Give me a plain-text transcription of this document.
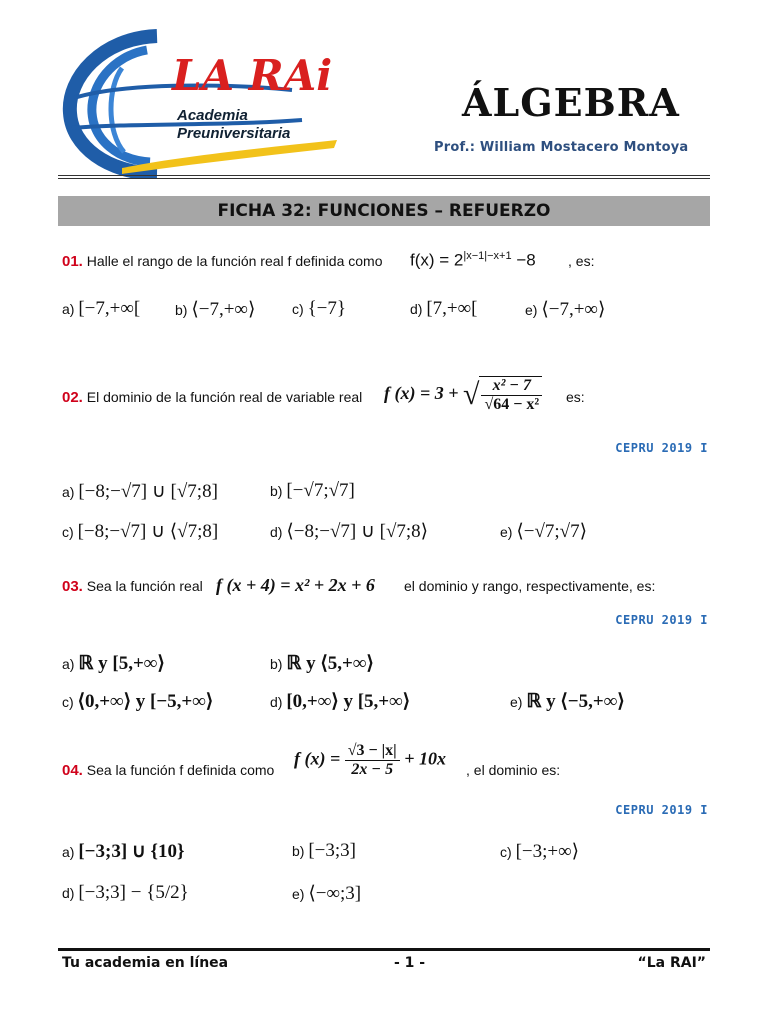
LA RAi
Academia
Preuniversitaria
ÁLGEBRA
Prof.: William Mostacero Montoya
FICHA 32: FUNCIONES – REFUERZO
01. Halle el rango de la función real f definida como $f(x) = 2^{|x-1|-x+1} -8$ , es:
a) [−7,+∞[ b) ⟨−7,+∞⟩	c) {−7}	d) [7,+∞[	e) ⟨−7,+∞⟩
02. El dominio de la función real de variable real f (x) = 3 + √ $\frac{\text{x² − 7}}{\text{√64 − x²}}$ es:
CEPRU 2019 I
a) [−8;−√7] ∪ [√7;8]	b) [−√7;√7]
c) [−8;−√7] ∪ ⟨√7;8]	d) ⟨−8;−√7] ∪ [√7;8⟩	e) ⟨−√7;√7⟩
03. Sea la función real f (x + 4) = x² + 2x + 6 el dominio y rango, respectivamente, es:
CEPRU 2019 I
a) ℝ y [5,+∞⟩	b) ℝ y ⟨5,+∞⟩
c) ⟨0,+∞⟩ y [−5,+∞⟩	d) [0,+∞⟩ y [5,+∞⟩	e) ℝ y ⟨−5,+∞⟩
04. Sea la función f definida como
f $(x) = \frac{√3 - |x|}{2x - 5} + 10x$
, el dominio es:
CEPRU 2019 I
a) [−3;3] ∪ {10}	b) [−3;3]	c) [−3;+∞⟩
d) [−3;3] − {5/2}	e) ⟨−∞;3]
Tu academia en línea	- 1 -	“La RAI”
